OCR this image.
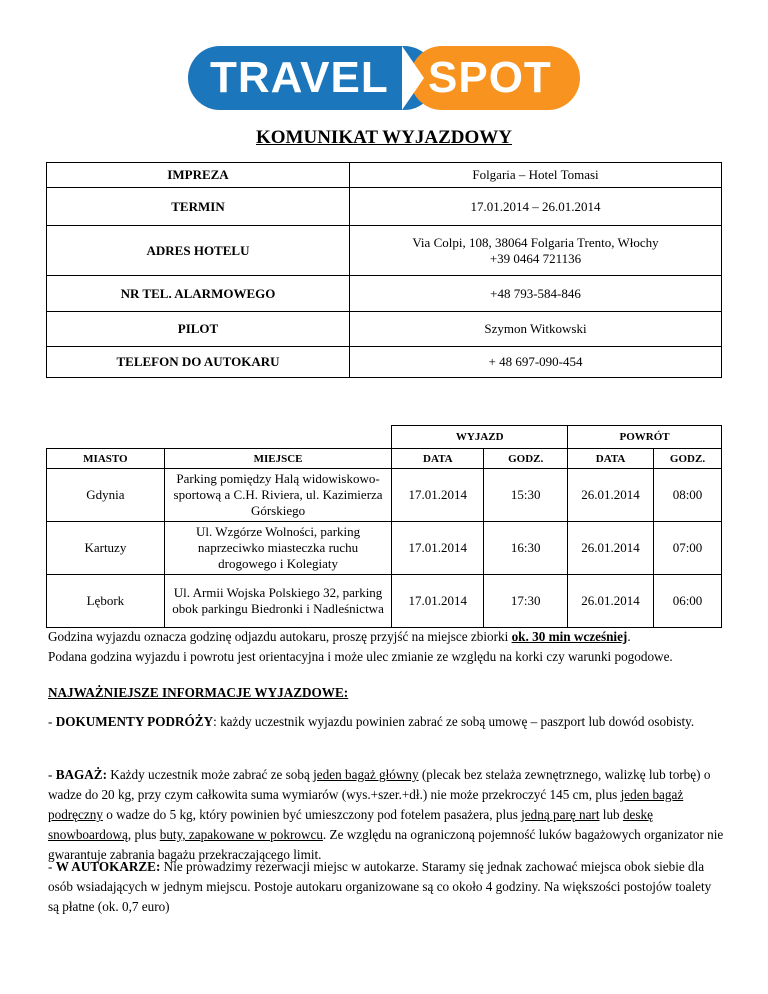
TRAVEL SPOT
KOMUNIKAT WYJAZDOWY
IMPREZA	Folgaria – Hotel Tomasi
TERMIN	17.01.2014 – 26.01.2014
ADRES HOTELU	Via Colpi, 108, 38064 Folgaria Trento, Włochy
+39 0464 721136

NR TEL. ALARMOWEGO	+48 793-584-846
PILOT	Szymon Witkowski
TELEFON DO AUTOKARU	+ 48 697-090-454
		WYJAZD		POWRÓT	
MIASTO	MIEJSCE	DATA	GODZ.	DATA	GODZ.
Gdynia	Parking pomiędzy Halą widowiskowo-sportową a C.H. Riviera, ul. Kazimierza Górskiego	17.01.2014	15:30	26.01.2014	08:00
Kartuzy	Ul. Wzgórze Wolności, parking naprzeciwko miasteczka ruchu drogowego i Kolegiaty	17.01.2014	16:30	26.01.2014	07:00
Lębork	Ul. Armii Wojska Polskiego 32, parking obok parkingu Biedronki i Nadleśnictwa	17.01.2014	17:30	26.01.2014	06:00
Godzina wyjazdu oznacza godzinę odjazdu autokaru, proszę przyjść na miejsce zbiorki ok. 30 min wcześniej.
Podana godzina wyjazdu i powrotu jest orientacyjna i może ulec zmianie ze względu na korki czy warunki pogodowe.
NAJWAŻNIEJSZE INFORMACJE WYJAZDOWE:
- DOKUMENTY PODRÓŻY: każdy uczestnik wyjazdu powinien zabrać ze sobą umowę – paszport lub dowód osobisty.
- BAGAŻ: Każdy uczestnik może zabrać ze sobą jeden bagaż główny (plecak bez stelaża zewnętrznego, walizkę lub torbę) o wadze do 20 kg, przy czym całkowita suma wymiarów (wys.+szer.+dł.) nie może przekroczyć 145 cm, plus jeden bagaż podręczny o wadze do 5 kg, który powinien być umieszczony pod fotelem pasażera, plus jedną parę nart lub deskę snowboardową, plus buty, zapakowane w pokrowcu. Ze względu na ograniczoną pojemność luków bagażowych organizator nie gwarantuje zabrania bagażu przekraczającego limit.
- W AUTOKARZE: Nie prowadzimy rezerwacji miejsc w autokarze. Staramy się jednak zachować miejsca obok siebie dla osób wsiadających w jednym miejscu. Postoje autokaru organizowane są co około 4 godziny. Na większości postojów toalety są płatne (ok. 0,7 euro)
